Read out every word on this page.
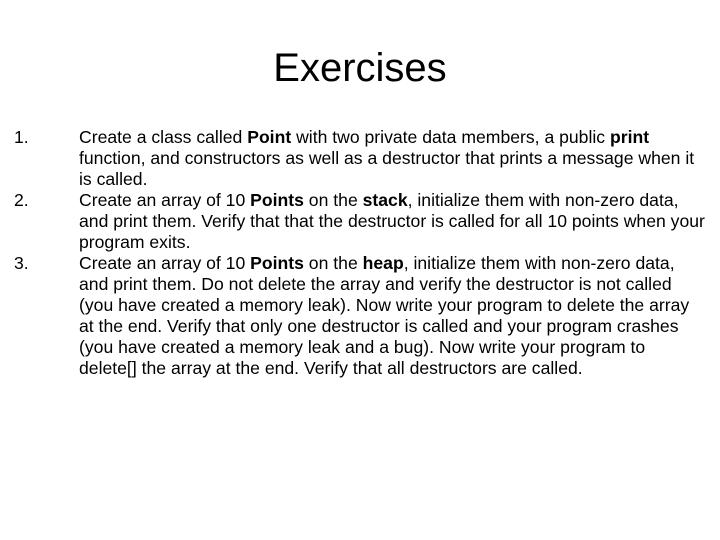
Exercises
1.	Create a class called Point with two private data members, a public print function, and constructors as well as a destructor that prints a message when it is called.
2.	Create an array of 10 Points on the stack, initialize them with non-zero data, and print them. Verify that that the destructor is called for all 10 points when your program exits.
3.	Create an array of 10 Points on the heap, initialize them with non-zero data, and print them. Do not delete the array and verify the destructor is not called (you have created a memory leak). Now write your program to delete the array at the end. Verify that only one destructor is called and your program crashes (you have created a memory leak and a bug). Now write your program to delete[] the array at the end. Verify that all destructors are called.
